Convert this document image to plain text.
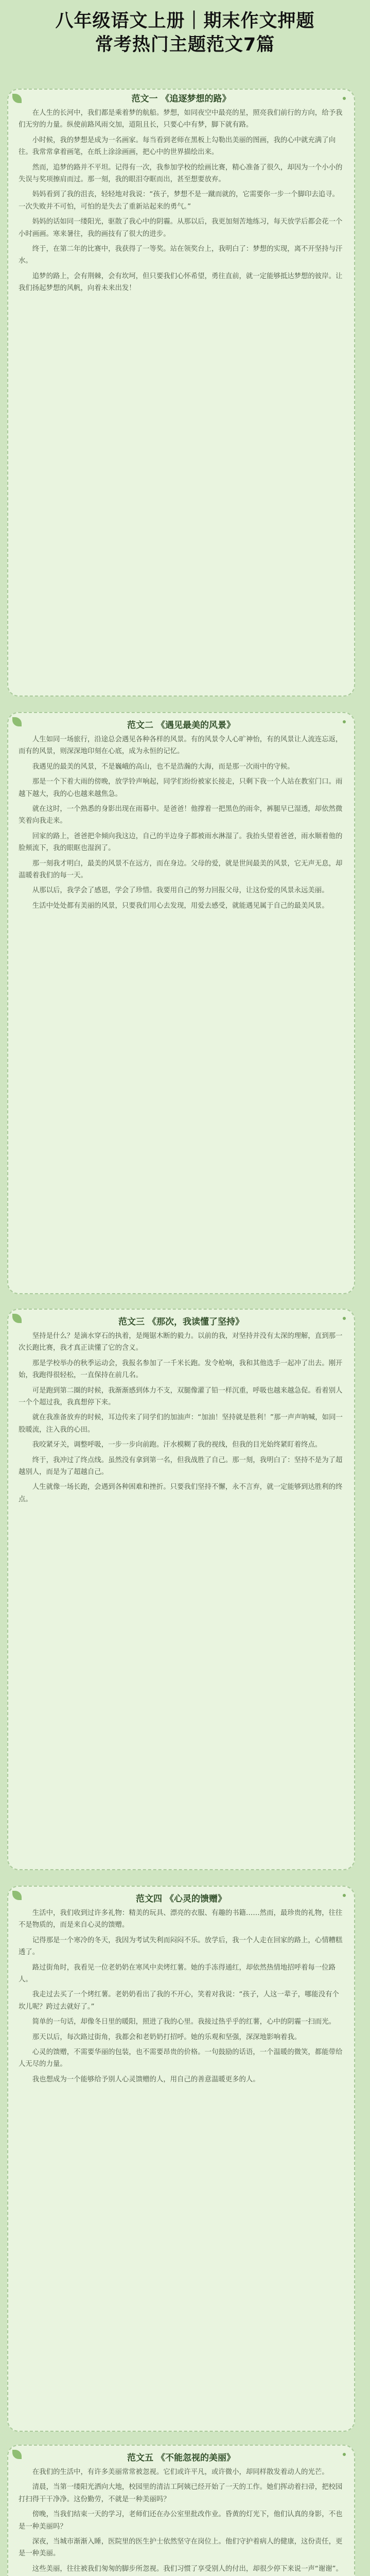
八年级语文上册｜期末作文押题
常考热门主题范文7篇
范文一 《追逐梦想的路》

在人生的长河中，我们都是乘着梦的航船。梦想，如同夜空中最亮的星，照亮我们前行的方向，给予我们无穷的力量。纵使前路风雨交加，道阻且长，只要心中有梦，脚下就有路。

小时候，我的梦想是成为一名画家。每当看到老师在黑板上勾勒出美丽的图画，我的心中就充满了向往。我常常拿着画笔，在纸上涂涂画画，把心中的世界描绘出来。

然而，追梦的路并不平坦。记得有一次，我参加学校的绘画比赛，精心准备了很久，却因为一个小小的失误与奖项擦肩而过。那一刻，我的眼泪夺眶而出，甚至想要放弃。

妈妈看到了我的沮丧，轻轻地对我说：“孩子，梦想不是一蹴而就的，它需要你一步一个脚印去追寻。一次失败并不可怕，可怕的是失去了重新站起来的勇气。”

妈妈的话如同一缕阳光，驱散了我心中的阴霾。从那以后，我更加刻苦地练习，每天放学后都会花一个小时画画。寒来暑往，我的画技有了很大的进步。

终于，在第二年的比赛中，我获得了一等奖。站在领奖台上，我明白了：梦想的实现，离不开坚持与汗水。

追梦的路上，会有荆棘，会有坎坷，但只要我们心怀希望，勇往直前，就一定能够抵达梦想的彼岸。让我们扬起梦想的风帆，向着未来出发！

范文二 《遇见最美的风景》

人生如同一场旅行，沿途总会遇见各种各样的风景。有的风景令人心旷神怡，有的风景让人流连忘返，而有的风景，则深深地印刻在心底，成为永恒的记忆。

我遇见的最美的风景，不是巍峨的高山，也不是浩瀚的大海，而是那一次雨中的守候。

那是一个下着大雨的傍晚，放学铃声响起，同学们纷纷被家长接走，只剩下我一个人站在教室门口。雨越下越大，我的心也越来越焦急。

就在这时，一个熟悉的身影出现在雨幕中。是爸爸！他撑着一把黑色的雨伞，裤腿早已湿透，却依然微笑着向我走来。

回家的路上，爸爸把伞倾向我这边，自己的半边身子都被雨水淋湿了。我抬头望着爸爸，雨水顺着他的脸颊流下，我的眼眶也湿润了。

那一刻我才明白，最美的风景不在远方，而在身边。父母的爱，就是世间最美的风景，它无声无息，却温暖着我们的每一天。

从那以后，我学会了感恩，学会了珍惜。我要用自己的努力回报父母，让这份爱的风景永远美丽。

生活中处处都有美丽的风景，只要我们用心去发现，用爱去感受，就能遇见属于自己的最美风景。

范文三 《那次，我读懂了坚持》

坚持是什么？是滴水穿石的执着，是绳锯木断的毅力。以前的我，对坚持并没有太深的理解，直到那一次长跑比赛，我才真正读懂了它的含义。

那是学校举办的秋季运动会，我报名参加了一千米长跑。发令枪响，我和其他选手一起冲了出去。刚开始，我跑得很轻松，一直保持在前几名。

可是跑到第二圈的时候，我渐渐感到体力不支，双腿像灌了铅一样沉重，呼吸也越来越急促。看着别人一个个超过我，我真想停下来。

就在我准备放弃的时候，耳边传来了同学们的加油声：“加油！坚持就是胜利！”那一声声呐喊，如同一股暖流，注入我的心田。

我咬紧牙关，调整呼吸，一步一步向前跑。汗水模糊了我的视线，但我的目光始终紧盯着终点。

终于，我冲过了终点线。虽然没有拿到第一名，但我战胜了自己。那一刻，我明白了：坚持不是为了超越别人，而是为了超越自己。

人生就像一场长跑，会遇到各种困难和挫折。只要我们坚持不懈，永不言弃，就一定能够到达胜利的终点。

范文四 《心灵的馈赠》

生活中，我们收到过许多礼物：精美的玩具、漂亮的衣服、有趣的书籍……然而，最珍贵的礼物，往往不是物质的，而是来自心灵的馈赠。

记得那是一个寒冷的冬天，我因为考试失利而闷闷不乐。放学后，我一个人走在回家的路上，心情糟糕透了。

路过街角时，我看见一位老奶奶在寒风中卖烤红薯。她的手冻得通红，却依然热情地招呼着每一位路人。

我走过去买了一个烤红薯。老奶奶看出了我的不开心，笑着对我说：“孩子，人这一辈子，哪能没有个坎儿呢？跨过去就好了。”

简单的一句话，却像冬日里的暖阳，照进了我的心里。我接过热乎乎的红薯，心中的阴霾一扫而光。

那天以后，每次路过街角，我都会和老奶奶打招呼。她的乐观和坚强，深深地影响着我。

心灵的馈赠，不需要华丽的包装，也不需要昂贵的价格。一句鼓励的话语，一个温暖的微笑，都能带给人无尽的力量。

我也想成为一个能够给予别人心灵馈赠的人，用自己的善意温暖更多的人。

范文五 《不能忽视的美丽》

在我们的生活中，有许多美丽常常被忽视。它们或许平凡，或许微小，却同样散发着动人的光芒。

清晨，当第一缕阳光洒向大地，校园里的清洁工阿姨已经开始了一天的工作。她们挥动着扫帚，把校园打扫得干干净净。这份勤劳，不就是一种美丽吗？

傍晚，当我们结束一天的学习，老师们还在办公室里批改作业。昏黄的灯光下，他们认真的身影，不也是一种美丽吗？

深夜，当城市渐渐入睡，医院里的医生护士依然坚守在岗位上。他们守护着病人的健康，这份责任，更是一种美丽。

这些美丽，往往被我们匆匆的脚步所忽视。我们习惯了享受别人的付出，却很少停下来说一声“谢谢”。
